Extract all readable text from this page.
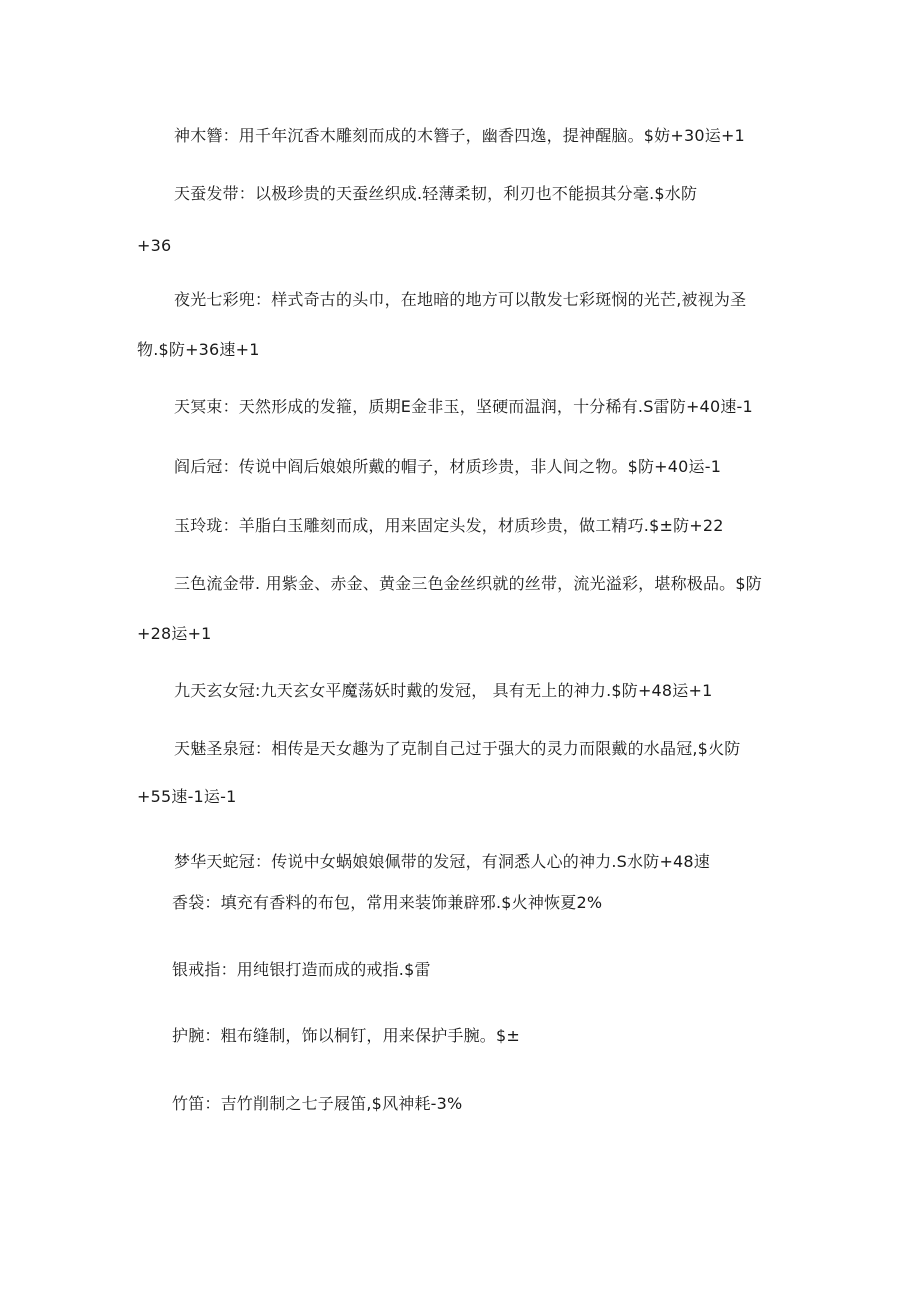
神木簪：用千年沉香木雕刻而成的木簪子，幽香四逸，提神醒脑。$妨+30运+1
天蚕发带：以极珍贵的天蚕丝织成.轻薄柔韧，利刃也不能损其分毫.$水防
+36
夜光七彩兜：样式奇古的头巾，在地暗的地方可以散发七彩斑悯的光芒,被视为圣
物.$防+36速+1
天冥束：天然形成的发箍，质期E金非玉，坚硬而温润，十分稀有.S雷防+40速-1
阎后冠：传说中阎后娘娘所戴的帽子，材质珍贵，非人间之物。$防+40运-1
玉玲珑：羊脂白玉雕刻而成，用来固定头发，材质珍贵，做工精巧.$±防+22
三色流金带. 用紫金、赤金、黄金三色金丝织就的丝带，流光溢彩，堪称极品。$防
+28运+1
九天玄女冠:九天玄女平魔荡妖时戴的发冠， 具有无上的神力.$防+48运+1
天魅圣泉冠：相传是天女趣为了克制自己过于强大的灵力而限戴的水晶冠,$火防
+55速-1运-1
梦华天蛇冠：传说中女蜗娘娘佩带的发冠，有洞悉人心的神力.S水防+48速
香袋：填充有香料的布包，常用来装饰兼辟邪.$火神恢夏2%
银戒指：用纯银打造而成的戒指.$雷
护腕：粗布缝制，饰以桐钉，用来保护手腕。$±
竹笛：吉竹削制之七子屐笛,$风神耗-3%
